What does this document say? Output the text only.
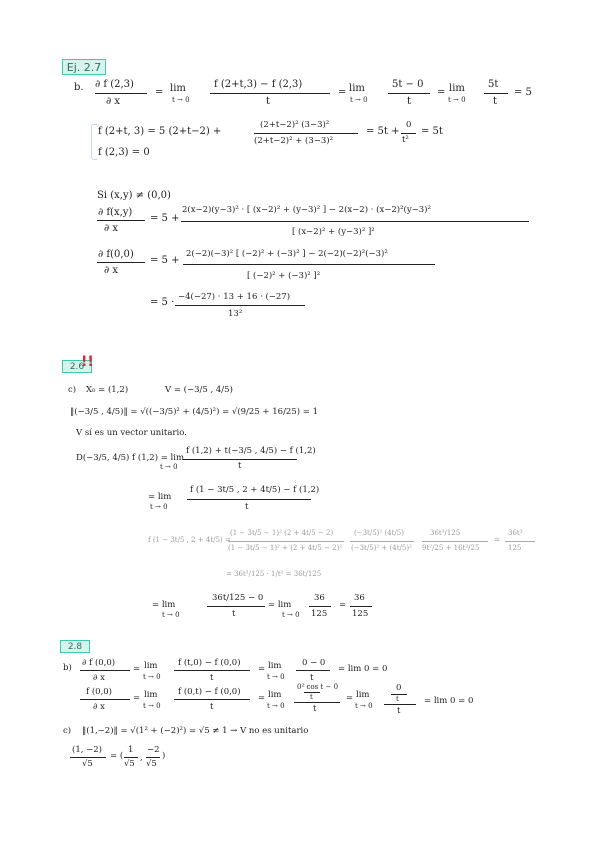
Ej. 2.7
b. ∂ f (2,3)
∂ x
= lim
t → 0
f (2+t,3) − f (2,3)
t
= lim
t → 0
5t − 0
t
= lim
t → 0
5t
t
= 5
f (2+t, 3) = 5 (2+t−2) +
(2+t−2)² (3−3)²
(2+t−2)² + (3−3)²
= 5t +
0
t²
= 5t
f (2,3) = 0
Si (x,y) ≠ (0,0)
∂ f(x,y)
∂ x
= 5 +
2(x−2)(y−3)² · [ (x−2)² + (y−3)² ] − 2(x−2) · (x−2)²(y−3)²
[ (x−2)² + (y−3)² ]²
∂ f(0,0)
∂ x
= 5 +
2(−2)(−3)² [ (−2)² + (−3)² ] − 2(−2)(−2)²(−3)²
[ (−2)² + (−3)² ]²
= 5 · −4(−27) · 13 + 16 · (−27)
13²
2.6
!!
c) X₀ = (1,2)	V = (−3/5 , 4/5)
‖(−3/5 , 4/5)‖ = √((−3/5)² + (4/5)²) = √(9/25 + 16/25) = 1
V sí es un vector unitario.
D(−3/5, 4/5) f (1,2) = lim
t → 0
f (1,2) + t(−3/5 , 4/5) − f (1,2)
t
= lim
t → 0
f (1 − 3t/5 , 2 + 4t/5) − f (1,2)
t
f (1 − 3t/5 , 2 + 4t/5) =
(1 − 3t/5 − 1)² (2 + 4t/5 − 2)
(1 − 3t/5 − 1)² + (2 + 4t/5 − 2)²
(−3t/5)² (4t/5)
(−3t/5)² + (4t/5)²
36t³/125
9t²/25 + 16t²/25
=
36t³
125
= 36t³/125 · 1/t² = 36t/125
= lim
t → 0
36t/125 − 0
t
= lim
t → 0
36
125
=
36
125
2.8
b) ∂ f (0,0)
∂ x
= lim
t → 0
f (t,0) − f (0,0)
t
= lim
t → 0
0 − 0
t
= lim 0 = 0
f (0,0)
∂ x
= lim
t → 0
f (0,t) − f (0,0)
t
= lim
t → 0
0² cos t − 0
t
t
= lim
t → 0
0
t
t
= lim 0 = 0
c) ‖(1,−2)‖ = √(1² + (−2)²) = √5 ≠ 1 → V no es unitario
(1, −2)
√5
= (
1
√5
,
−2
√5
)
